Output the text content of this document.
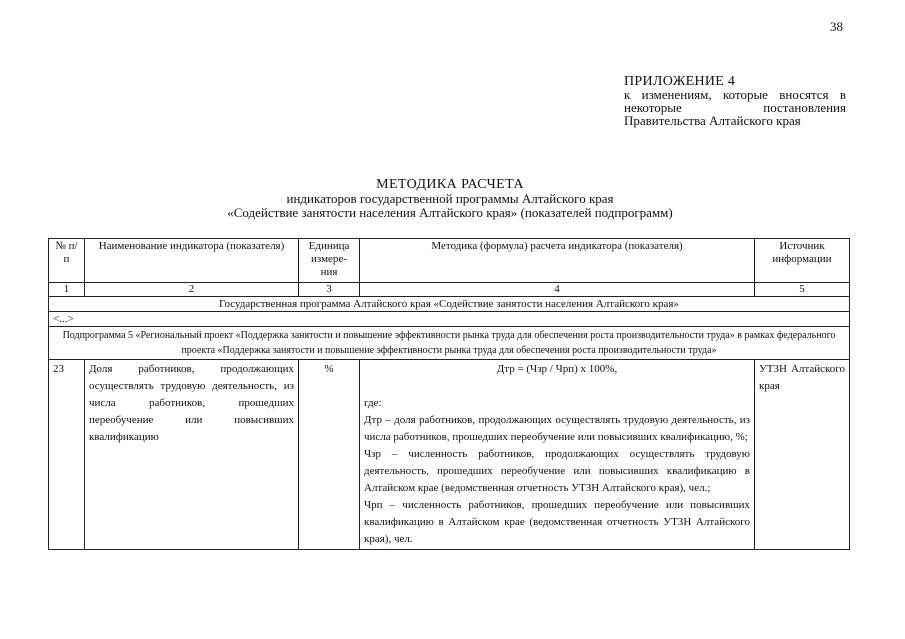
38
ПРИЛОЖЕНИЕ 4
к изменениям, которые вносятся в некоторые постановления Правительства Алтайского края
МЕТОДИКА РАСЧЕТА
индикаторов государственной программы Алтайского края
«Содействие занятости населения Алтайского края» (показателей подпрограмм)
№ п/п	Наименование индикатора (показателя)	Единица измере-ния	Методика (формула) расчета индикатора (показателя)	Источник информации
1	2	3	4	5
Государственная программа Алтайского края «Содействие занятости населения Алтайского края»				
<...>				
Подпрограмма 5 «Региональный проект «Поддержка занятости и повышение эффективности рынка труда для обеспечения роста производительности труда» в рамках федерального проекта «Поддержка занятости и повышение эффективности рынка труда для обеспечения роста производительности труда»				
23	Доля работников, продолжающих осуществлять трудовую деятельность, из числа работников, прошедших переобучение или повысивших квалификацию	%	Дтр = (Чзр / Чрп) x 100%,
где:
Дтр – доля работников, продолжающих осуществлять трудовую деятельность, из числа работников, прошедших переобучение или повысивших квалификацию, %;
Чзр – численность работников, продолжающих осуществлять трудовую деятельность, прошедших переобучение или повысивших квалификацию в Алтайском крае (ведомственная отчетность УТЗН Алтайского края), чел.;
Чрп – численность работников, прошедших переобучение или повысивших квалификацию в Алтайском крае (ведомственная отчетность УТЗН Алтайского края), чел.	УТЗН Алтайского края
